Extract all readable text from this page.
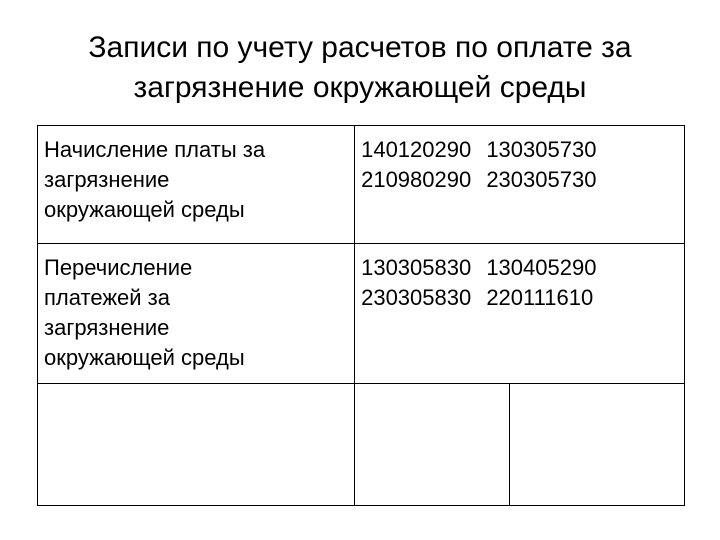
Записи по учету расчетов по оплате за
загрязнение окружающей среды
Начисление платы за
загрязнение
окружающей среды	140120290 130305730
210980290 230305730	

Перечисление
платежей за
загрязнение
окружающей среды	130305830 130405290
230305830 220111610	
